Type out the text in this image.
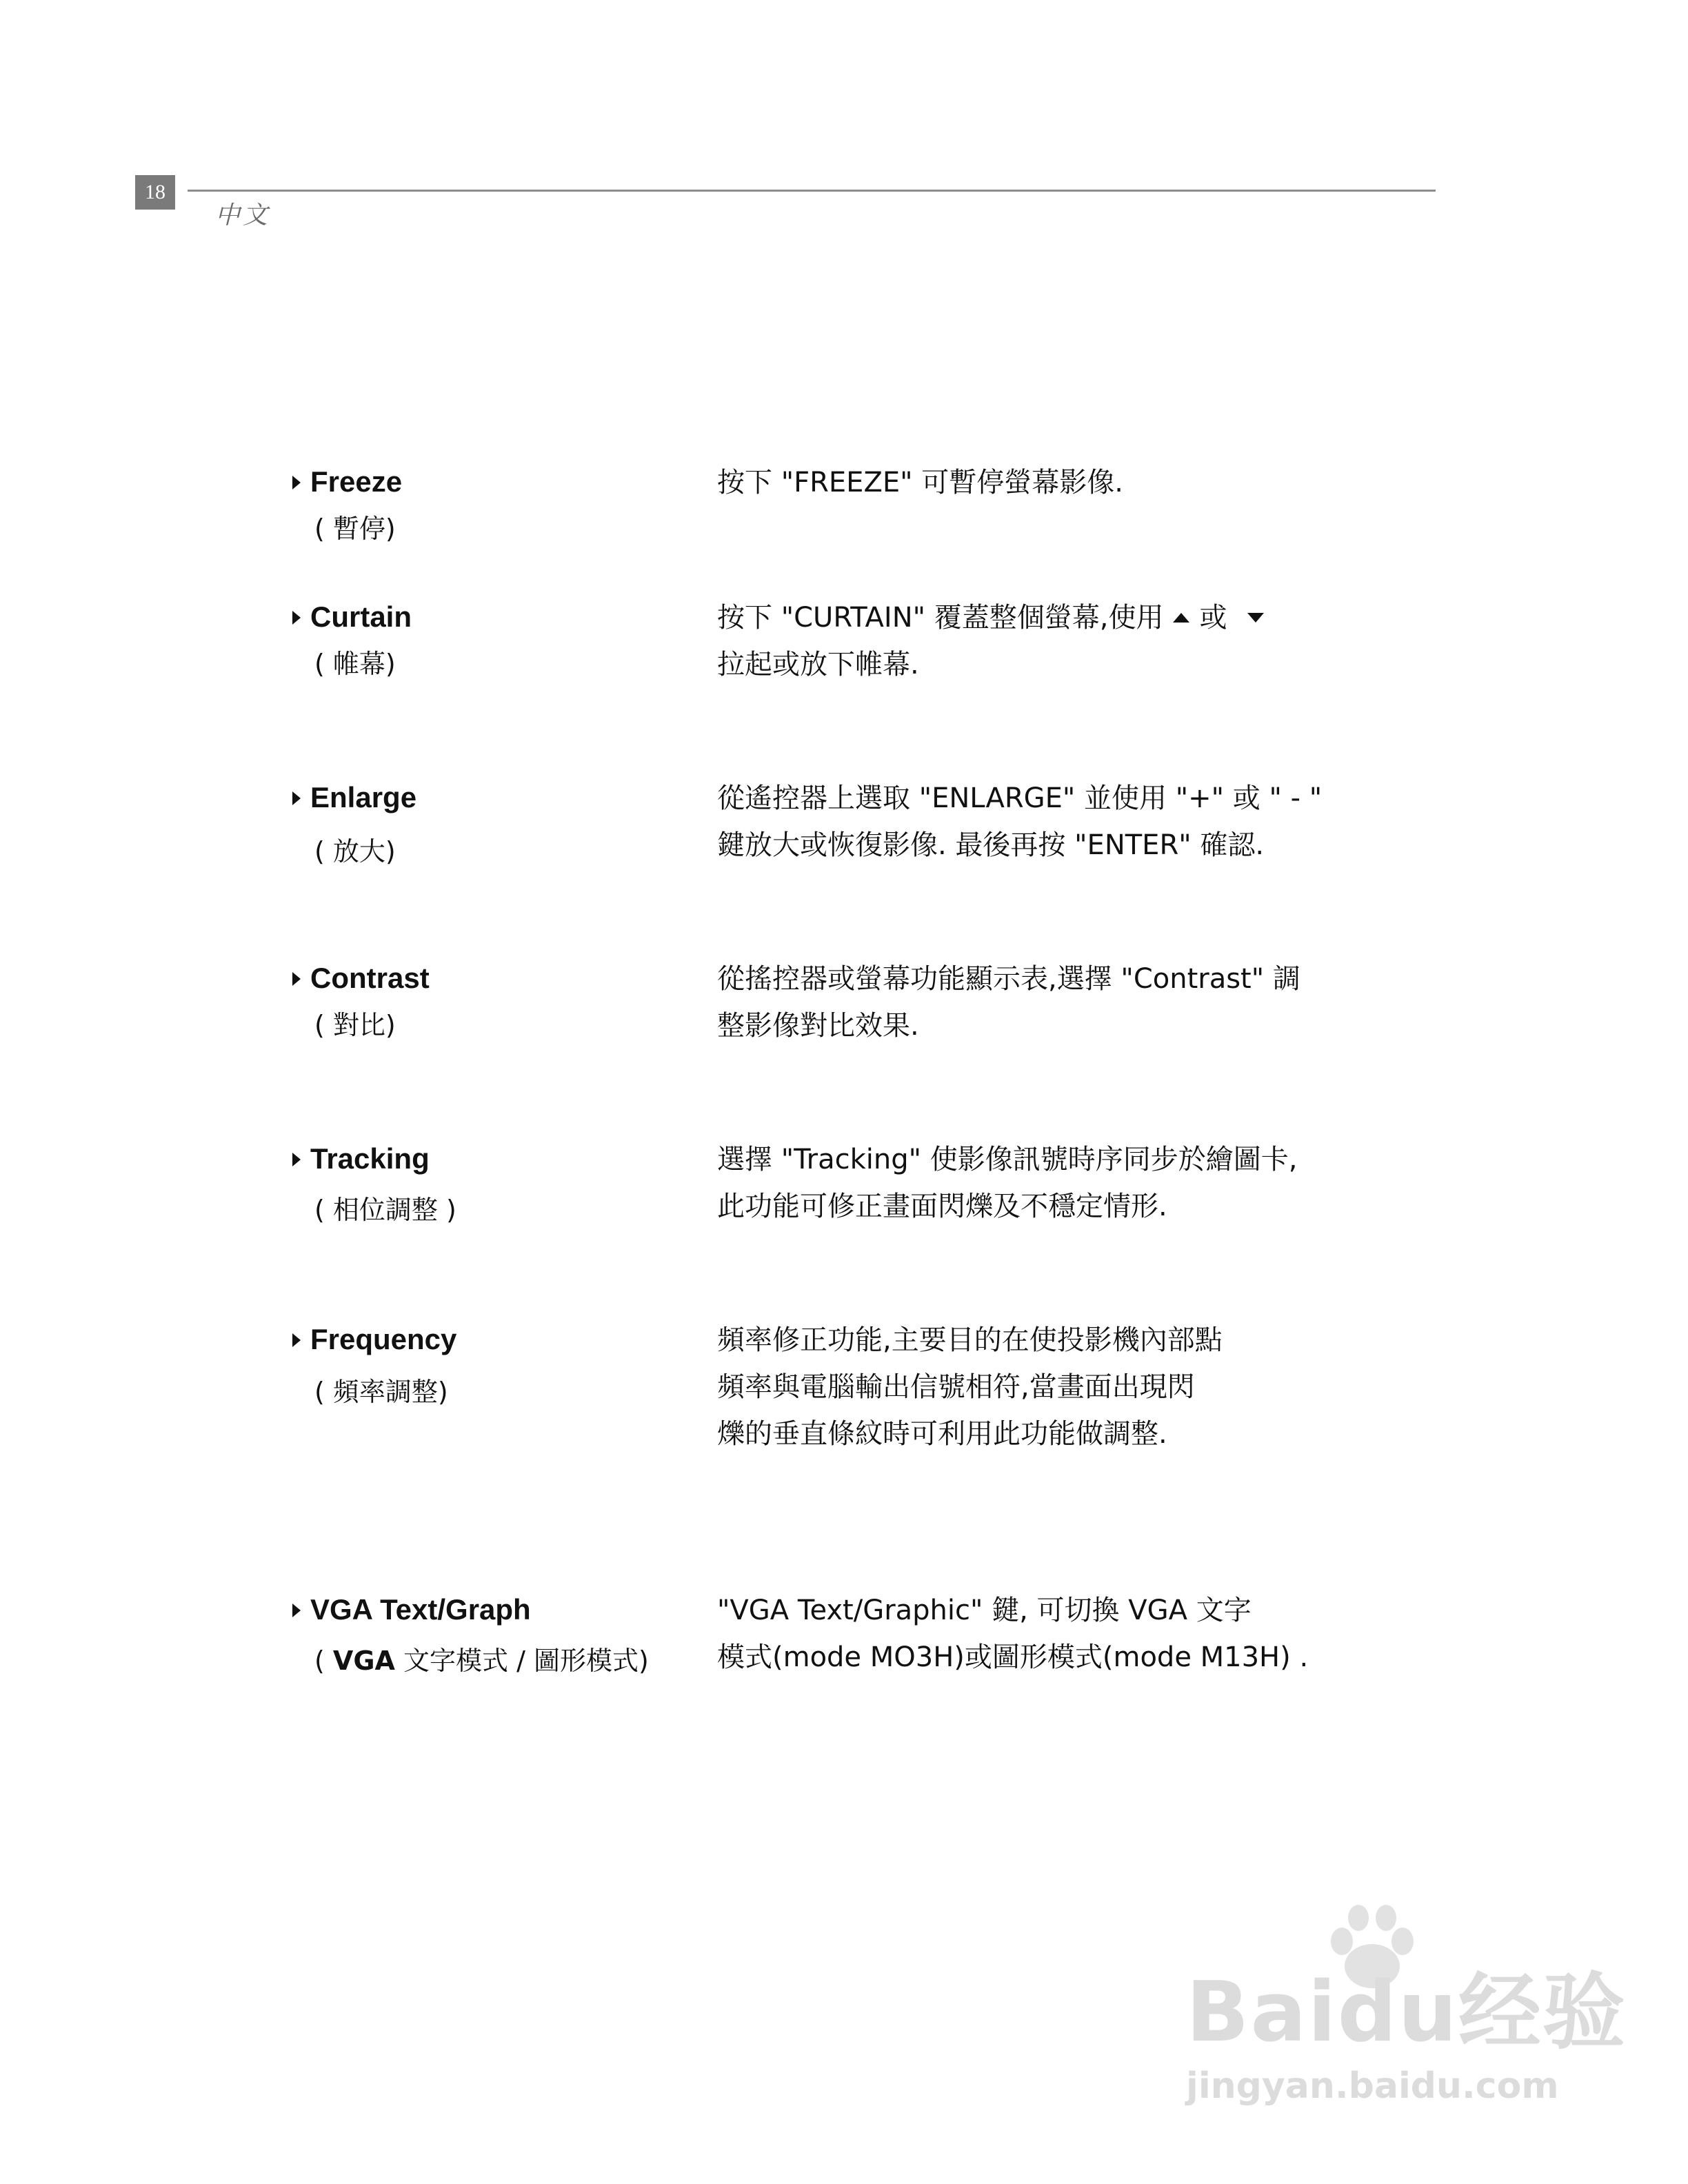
18
中文
Freeze
( 暫停)

按下 "FREEZE" 可暫停螢幕影像.

Curtain
( 帷幕)

按下 "CURTAIN" 覆蓋整個螢幕,使用 或

拉起或放下帷幕.

Enlarge
( 放大)

從遙控器上選取 "ENLARGE" 並使用 "+" 或 " - "

鍵放大或恢復影像. 最後再按 "ENTER" 確認.

Contrast
( 對比)

從搖控器或螢幕功能顯示表,選擇 "Contrast" 調

整影像對比效果.

Tracking
( 相位調整 )

選擇 "Tracking" 使影像訊號時序同步於繪圖卡,

此功能可修正畫面閃爍及不穩定情形.

Frequency
( 頻率調整)

頻率修正功能,主要目的在使投影機內部點

頻率與電腦輸出信號相符,當畫面出現閃

爍的垂直條紋時可利用此功能做調整.

VGA Text/Graph
( VGA 文字模式 / 圖形模式)

"VGA Text/Graphic" 鍵, 可切換 VGA 文字

模式(mode MO3H)或圖形模式(mode M13H) .

Baidu经验
jingyan.baidu.com
